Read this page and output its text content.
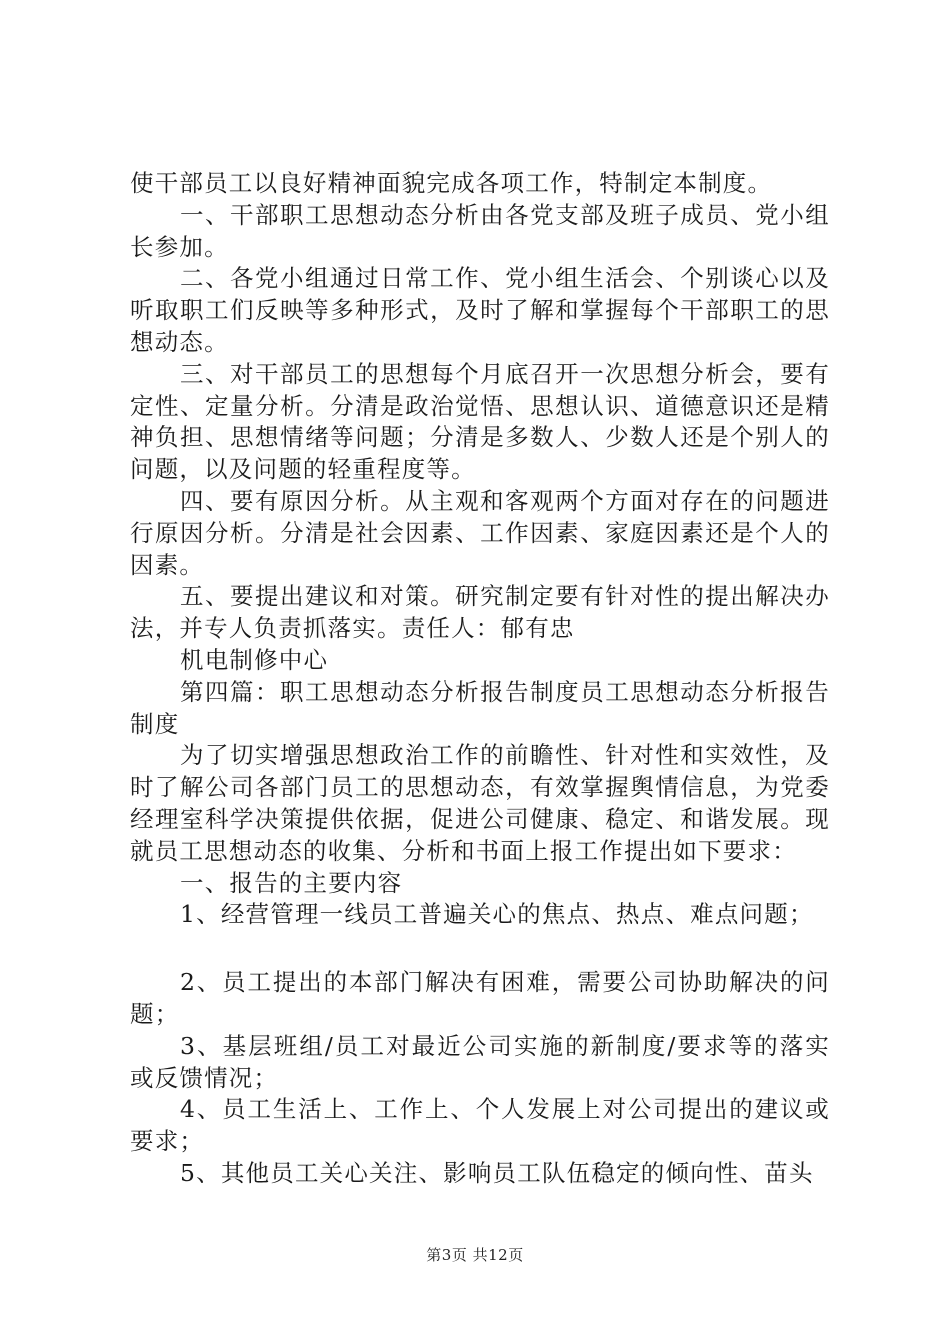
使干部员工以良好精神面貌完成各项工作，特制定本制度。

一、干部职工思想动态分析由各党支部及班子成员、党小组长参加。

二、各党小组通过日常工作、党小组生活会、个别谈心以及听取职工们反映等多种形式，及时了解和掌握每个干部职工的思想动态。

三、对干部员工的思想每个月底召开一次思想分析会，要有定性、定量分析。分清是政治觉悟、思想认识、道德意识还是精神负担、思想情绪等问题；分清是多数人、少数人还是个别人的问题，以及问题的轻重程度等。

四、要有原因分析。从主观和客观两个方面对存在的问题进行原因分析。分清是社会因素、工作因素、家庭因素还是个人的因素。

五、要提出建议和对策。研究制定要有针对性的提出解决办法，并专人负责抓落实。责任人：郁有忠

机电制修中心

第四篇：职工思想动态分析报告制度员工思想动态分析报告制度

为了切实增强思想政治工作的前瞻性、针对性和实效性，及时了解公司各部门员工的思想动态，有效掌握舆情信息，为党委经理室科学决策提供依据，促进公司健康、稳定、和谐发展。现就员工思想动态的收集、分析和书面上报工作提出如下要求：

一、报告的主要内容

1、经营管理一线员工普遍关心的焦点、热点、难点问题；

2、员工提出的本部门解决有困难，需要公司协助解决的问题；

3、基层班组/员工对最近公司实施的新制度/要求等的落实或反馈情况；

4、员工生活上、工作上、个人发展上对公司提出的建议或要求；

5、其他员工关心关注、影响员工队伍稳定的倾向性、苗头

第3页 共12页
